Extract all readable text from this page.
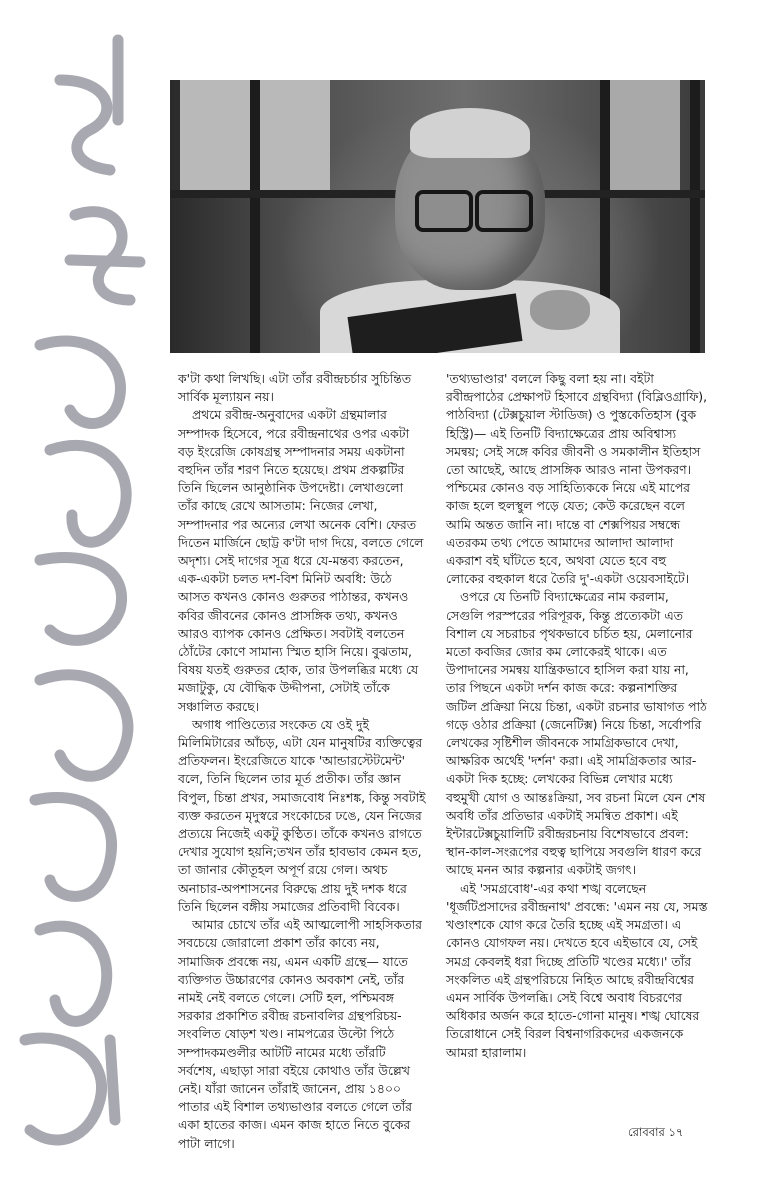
ক'টা কথা লিখছি। এটা তাঁর রবীন্দ্রচর্চার সুচিন্তিত সার্বিক মূল্যায়ন নয়।

প্রথমে রবীন্দ্র-অনুবাদের একটা গ্রন্থমালার সম্পাদক হিসেবে, পরে রবীন্দ্রনাথের ওপর একটা বড় ইংরেজি কোষগ্রন্থ সম্পাদনার সময় একটানা বহুদিন তাঁর শরণ নিতে হয়েছে। প্রথম প্রকল্পটির তিনি ছিলেন আনুষ্ঠানিক উপদেষ্টা। লেখাগুলো তাঁর কাছে রেখে আসতাম: নিজের লেখা, সম্পাদনার পর অন্যের লেখা অনেক বেশি। ফেরত দিতেন মার্জিনে ছোট্ট ক'টা দাগ দিয়ে, বলতে গেলে অদৃশ্য। সেই দাগের সূত্র ধরে যে-মন্তব্য করতেন, এক-একটা চলত দশ-বিশ মিনিট অবধি: উঠে আসত কখনও কোনও গুরুতর পাঠান্তর, কখনও কবির জীবনের কোনও প্রাসঙ্গিক তথ্য, কখনও আরও ব্যাপক কোনও প্রেক্ষিত। সবটাই বলতেন ঠোঁটের কোণে সামান্য স্মিত হাসি নিয়ে। বুঝতাম, বিষয় যতই গুরুতর হোক, তার উপলব্ধির মধ্যে যে মজাটুকু, যে বৌদ্ধিক উদ্দীপনা, সেটাই তাঁকে সঞ্চালিত করছে।

অগাধ পাণ্ডিত্যের সংকেত যে ওই দুই মিলিমিটারের আঁচড়, এটা যেন মানুষটির ব্যক্তিত্বের প্রতিফলন। ইংরেজিতে যাকে 'আন্ডারস্টেটমেন্ট' বলে, তিনি ছিলেন তার মূর্ত প্রতীক। তাঁর জ্ঞান বিপুল, চিন্তা প্রখর, সমাজবোধ নিঃশঙ্ক, কিন্তু সবটাই ব্যক্ত করতেন মৃদুস্বরে সংকোচের ঢঙে, যেন নিজের প্রত্যয়ে নিজেই একটু কুণ্ঠিত। তাঁকে কখনও রাগতে দেখার সুযোগ হয়নি;তখন তাঁর হাবভাব কেমন হত, তা জানার কৌতূহল অপূর্ণ রয়ে গেল। অথচ অনাচার-অপশাসনের বিরুদ্ধে প্রায় দুই দশক ধরে তিনি ছিলেন বঙ্গীয় সমাজের প্রতিবাদী বিবেক।

আমার চোখে তাঁর এই আত্মলোপী সাহসিকতার সবচেয়ে জোরালো প্রকাশ তাঁর কাব্যে নয়, সামাজিক প্রবন্ধে নয়, এমন একটি গ্রন্থে— যাতে ব্যক্তিগত উচ্চারণের কোনও অবকাশ নেই, তাঁর নামই নেই বলতে গেলে। সেটি হল, পশ্চিমবঙ্গ সরকার প্রকাশিত রবীন্দ্র রচনাবলির গ্রন্থপরিচয়-সংবলিত ষোড়শ খণ্ড। নামপত্রের উল্টো পিঠে সম্পাদকমণ্ডলীর আটটি নামের মধ্যে তাঁরটি সর্বশেষ, এছাড়া সারা বইয়ে কোথাও তাঁর উল্লেখ নেই। যাঁরা জানেন তাঁরাই জানেন, প্রায় ১৪০০ পাতার এই বিশাল তথ্যভাণ্ডার বলতে গেলে তাঁর একা হাতের কাজ। এমন কাজ হাতে নিতে বুকের পাটা লাগে।

'তথ্যভাণ্ডার' বললে কিছু বলা হয় না। বইটা রবীন্দ্রপাঠের প্রেক্ষাপট হিসাবে গ্রন্থবিদ্যা (বিব্লিওগ্রাফি), পাঠবিদ্যা (টেক্সচুয়াল স্টাডিজ) ও পুস্তকেতিহাস (বুক হিস্ট্রি)— এই তিনটি বিদ্যাক্ষেত্রের প্রায় অবিশ্বাস্য সমন্বয়; সেই সঙ্গে কবির জীবনী ও সমকালীন ইতিহাস তো আছেই, আছে প্রাসঙ্গিক আরও নানা উপকরণ। পশ্চিমের কোনও বড় সাহিত্যিককে নিয়ে এই মাপের কাজ হলে হুলস্থুল পড়ে যেত; কেউ করেছেন বলে আমি অন্তত জানি না। দান্তে বা শেক্সপিয়র সম্বন্ধে এতরকম তথ্য পেতে আমাদের আলাদা আলাদা একরাশ বই ঘাঁটতে হবে, অথবা যেতে হবে বহু লোকের বহুকাল ধরে তৈরি দু'-একটা ওয়েবসাইটে।

ওপরে যে তিনটি বিদ্যাক্ষেত্রের নাম করলাম, সেগুলি পরস্পরের পরিপূরক, কিন্তু প্রত্যেকটা এত বিশাল যে সচরাচর পৃথকভাবে চর্চিত হয়, মেলানোর মতো কবজির জোর কম লোকেরই থাকে। এত উপাদানের সমন্বয় যান্ত্রিকভাবে হাসিল করা যায় না, তার পিছনে একটা দর্শন কাজ করে: কল্পনাশক্তির জটিল প্রক্রিয়া নিয়ে চিন্তা, একটা রচনার ভাষাগত পাঠ গড়ে ওঠার প্রক্রিয়া (জেনেটিক্স) নিয়ে চিন্তা, সর্বোপরি লেখকের সৃষ্টিশীল জীবনকে সামগ্রিকভাবে দেখা, আক্ষরিক অর্থেই 'দর্শন' করা। এই সামগ্রিকতার আর-একটা দিক হচ্ছে: লেখকের বিভিন্ন লেখার মধ্যে বহুমুখী যোগ ও আন্তঃক্রিয়া, সব রচনা মিলে যেন শেষ অবধি তাঁর প্রতিভার একটাই সমন্বিত প্রকাশ। এই ইন্টারটেক্সচুয়ালিটি রবীন্দ্ররচনায় বিশেষভাবে প্রবল: স্থান-কাল-সংরূপের বহুত্ব ছাপিয়ে সবগুলি ধারণ করে আছে মনন আর কল্পনার একটাই জগৎ।

এই 'সমগ্রবোধ'-এর কথা শঙ্খ বলেছেন 'ধূর্জটিপ্রসাদের রবীন্দ্রনাথ' প্রবন্ধে: 'এমন নয় যে, সমস্ত খণ্ডাংশকে যোগ করে তৈরি হচ্ছে এই সমগ্রতা। এ কোনও যোগফল নয়। দেখতে হবে এইভাবে যে, সেই সমগ্র কেবলই ধরা দিচ্ছে প্রতিটি খণ্ডের মধ্যে।' তাঁর সংকলিত এই গ্রন্থপরিচয়ে নিহিত আছে রবীন্দ্রবিশ্বের এমন সার্বিক উপলব্ধি। সেই বিশ্বে অবাধ বিচরণের অধিকার অর্জন করে হাতে-গোনা মানুষ। শঙ্খ ঘোষের তিরোধানে সেই বিরল বিশ্বনাগরিকদের একজনকে আমরা হারালাম।

রোববার ১৭
